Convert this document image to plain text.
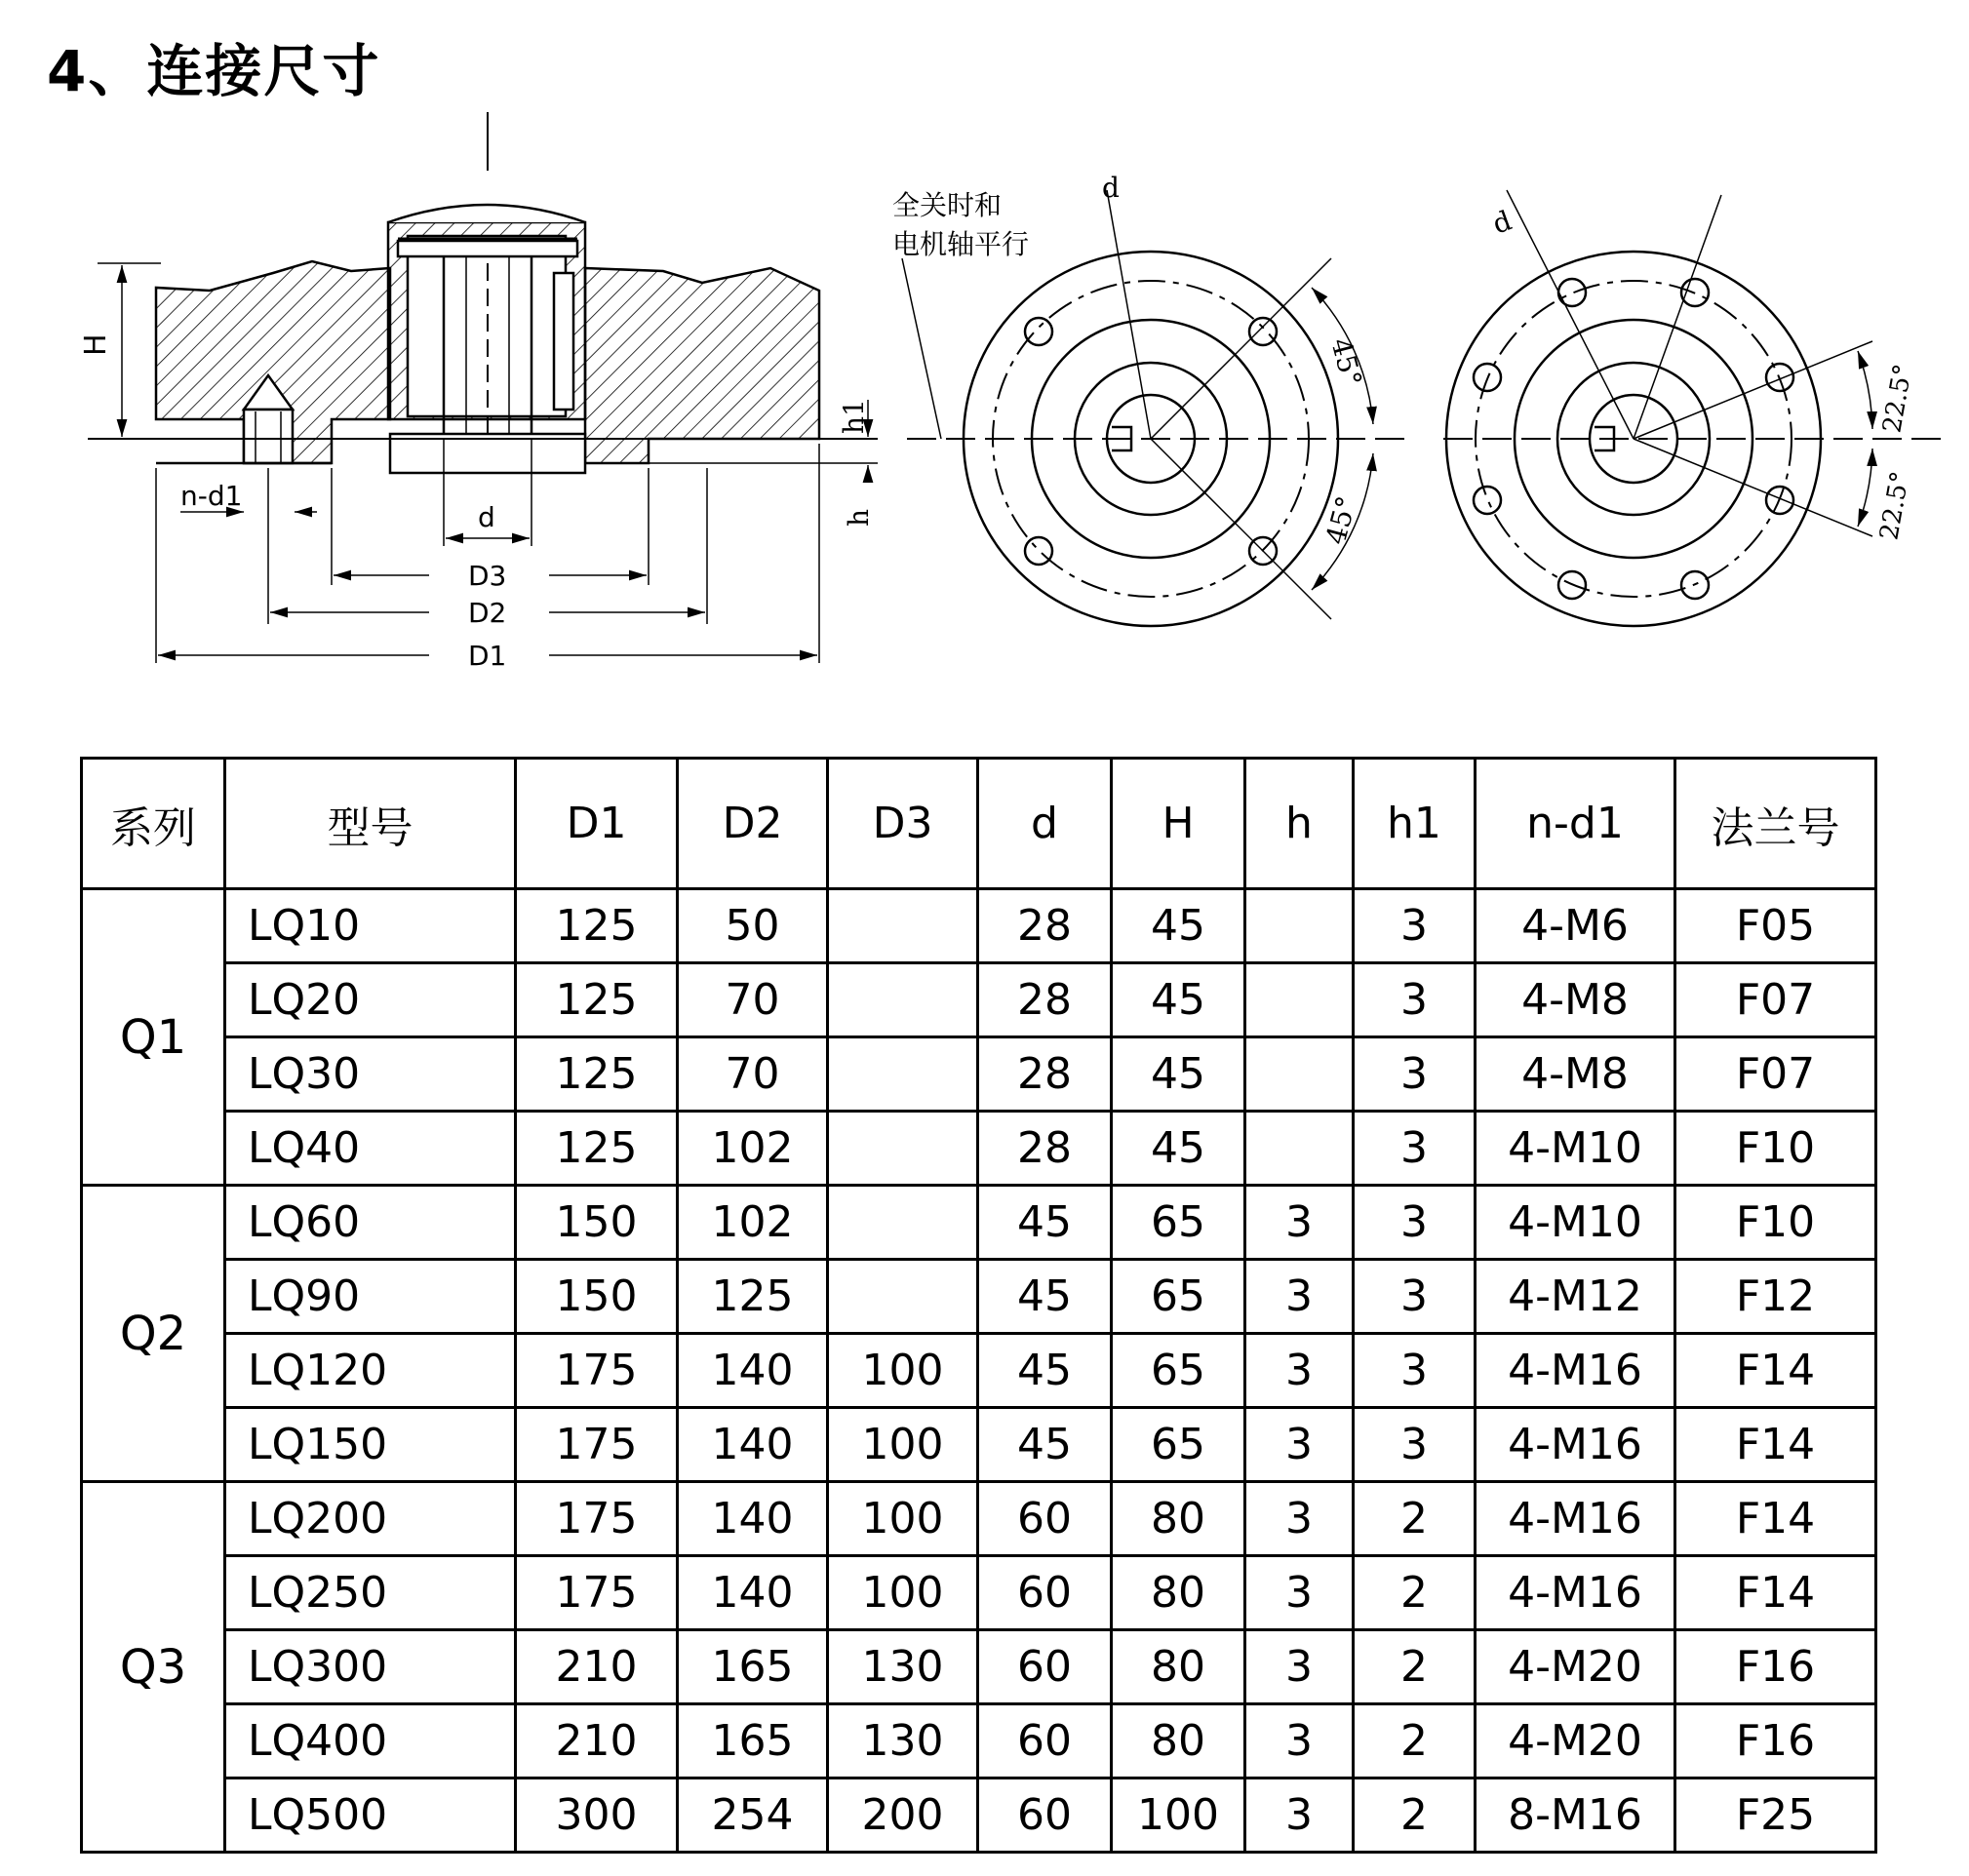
4、连接尺寸
H
h1
h
n-d1
d
D3
D2
D1
全关时和
电机轴平行
d
45°
45°
d
22.5°
22.5°
系列	型号	D1	D2	D3	d	H	h	h1	n-d1	法兰号
Q1	LQ10	125	50		28	45		3	4-M6	F05
	LQ20	125	70		28	45		3	4-M8	F07
	LQ30	125	70		28	45		3	4-M8	F07
	LQ40	125	102		28	45		3	4-M10	F10
Q2	LQ60	150	102		45	65	3	3	4-M10	F10
	LQ90	150	125		45	65	3	3	4-M12	F12
	LQ120	175	140	100	45	65	3	3	4-M16	F14
	LQ150	175	140	100	45	65	3	3	4-M16	F14
Q3	LQ200	175	140	100	60	80	3	2	4-M16	F14
	LQ250	175	140	100	60	80	3	2	4-M16	F14
	LQ300	210	165	130	60	80	3	2	4-M20	F16
	LQ400	210	165	130	60	80	3	2	4-M20	F16
	LQ500	300	254	200	60	100	3	2	8-M16	F25
